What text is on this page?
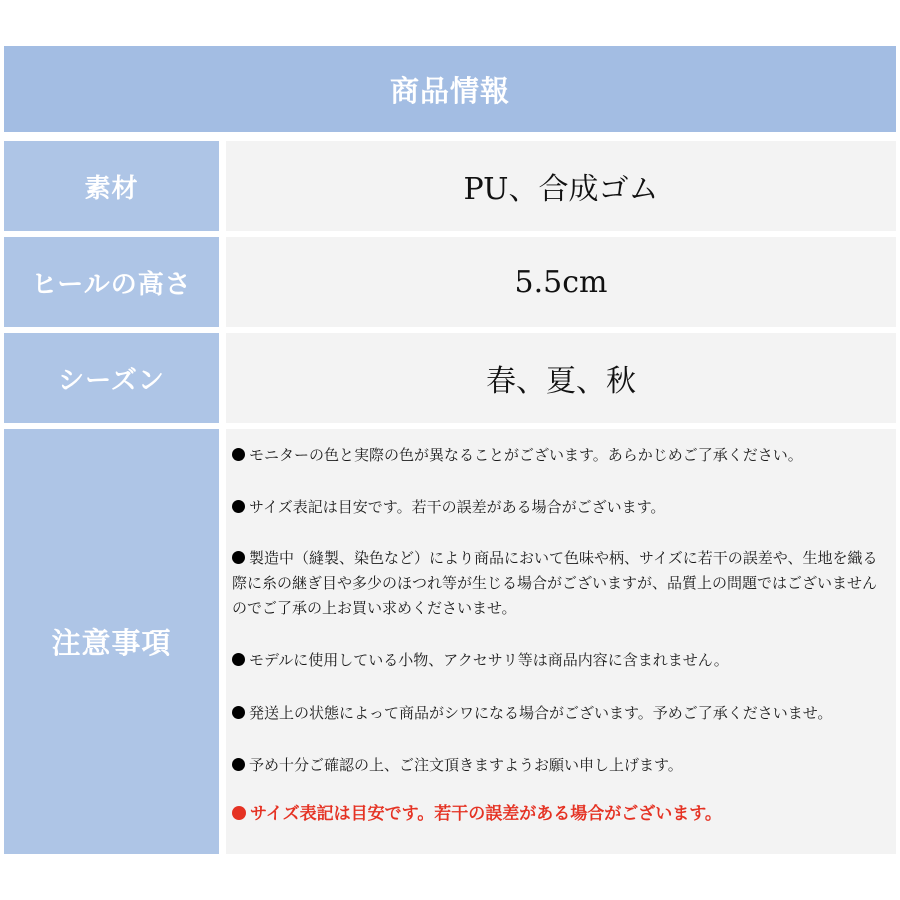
商品情報
素材	PU、合成ゴム
ヒールの高さ	5.5cm
シーズン	春、夏、秋
注意事項
モニターの色と実際の色が異なることがございます。あらかじめご了承ください。
サイズ表記は目安です。若干の誤差がある場合がございます。
製造中（縫製、染色など）により商品において色味や柄、サイズに若干の誤差や、生地を織る際に糸の継ぎ目や多少のほつれ等が生じる場合がございますが、品質上の問題ではございませんのでご了承の上お買い求めくださいませ。
モデルに使用している小物、アクセサリ等は商品内容に含まれません。
発送上の状態によって商品がシワになる場合がございます。予めご了承くださいませ。
予め十分ご確認の上、ご注文頂きますようお願い申し上げます。
サイズ表記は目安です。若干の誤差がある場合がございます。
